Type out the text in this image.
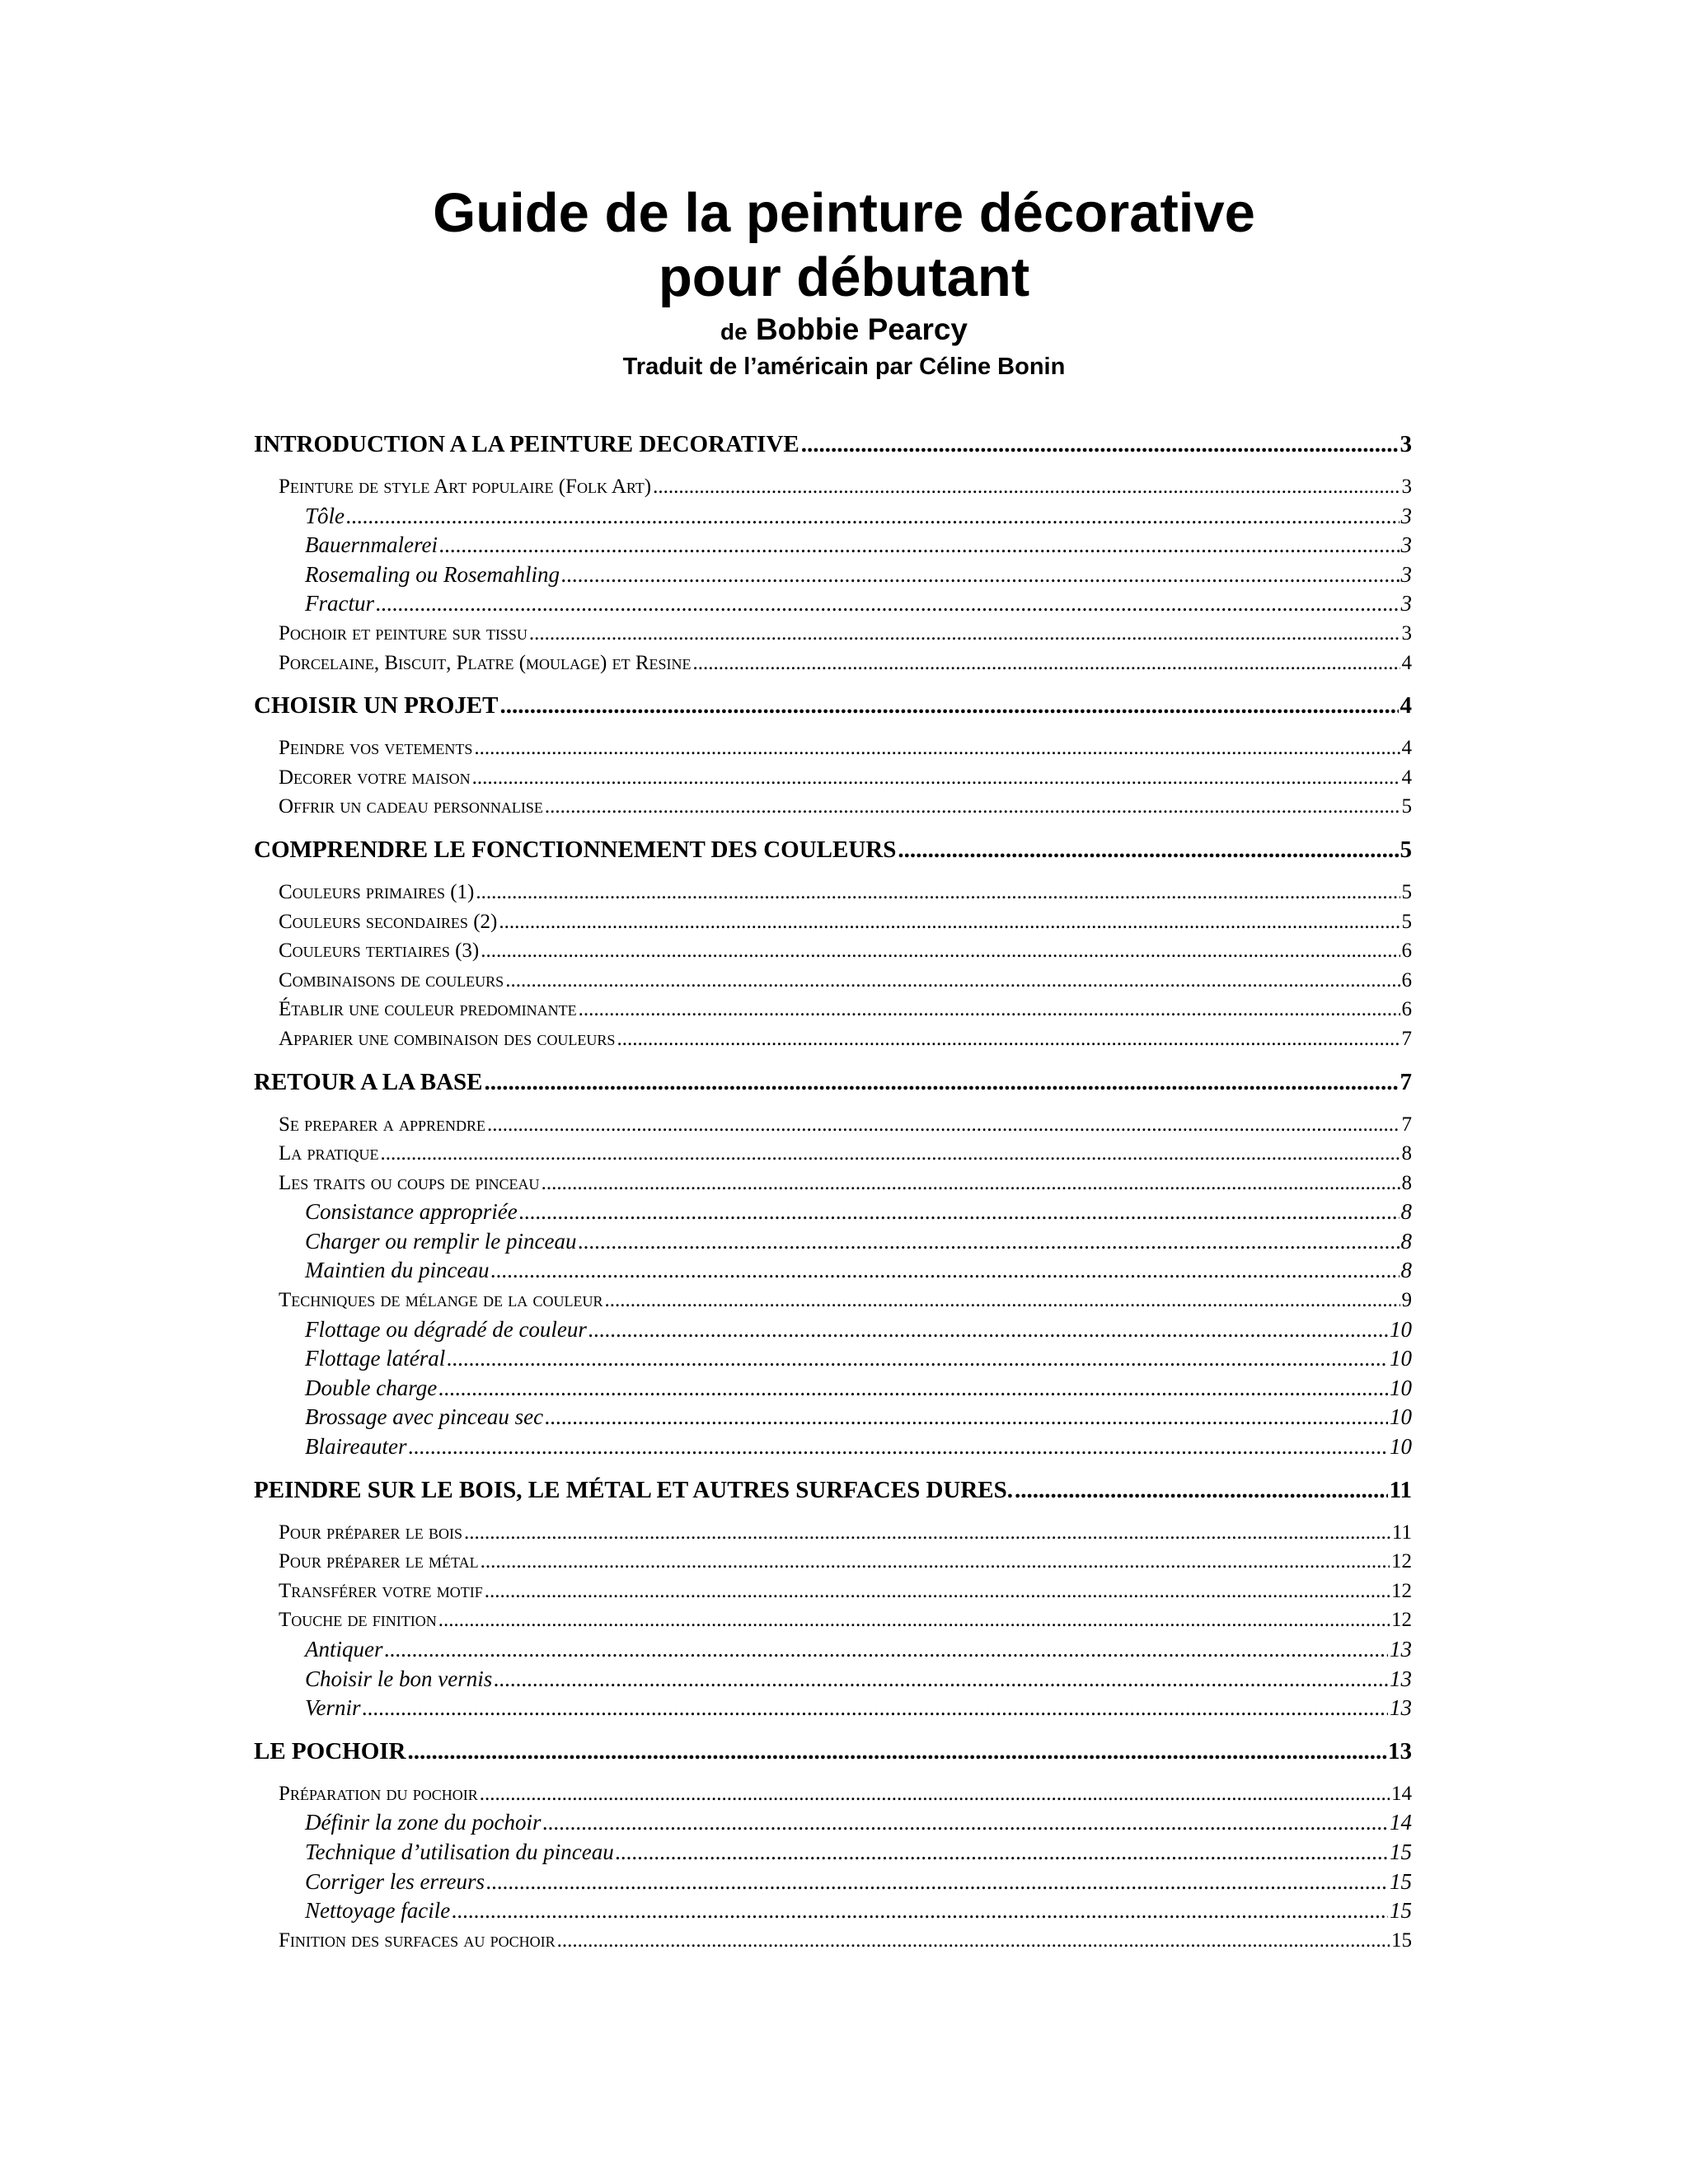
Guide de la peinture décorative
pour débutant
de Bobbie Pearcy
Traduit de l’américain par Céline Bonin
INTRODUCTION A LA PEINTURE DECORATIVE .....	3
Peinture de style Art populaire (Folk Art) .....	3
Tôle .....	3
Bauernmalerei .....	3
Rosemaling ou Rosemahling .....	3
Fractur .....	3
Pochoir et peinture sur tissu .....	3
Porcelaine, Biscuit, Platre (moulage) et Resine .....	4
CHOISIR UN PROJET .....	4
Peindre vos vetements .....	4
Decorer votre maison .....	4
Offrir un cadeau personnalise .....	5
COMPRENDRE LE FONCTIONNEMENT DES COULEURS .....	5
Couleurs primaires (1) .....	5
Couleurs secondaires (2) .....	5
Couleurs tertiaires (3) .....	6
Combinaisons de couleurs .....	6
Établir une couleur predominante .....	6
Apparier une combinaison des couleurs .....	7
RETOUR A LA BASE .....	7
Se preparer a apprendre .....	7
La pratique .....	8
Les traits ou coups de pinceau .....	8
Consistance appropriée .....	8
Charger ou remplir le pinceau .....	8
Maintien du pinceau .....	8
Techniques de mélange de la couleur .....	9
Flottage ou dégradé de couleur .....	10
Flottage latéral .....	10
Double charge .....	10
Brossage avec pinceau sec .....	10
Blaireauter .....	10
PEINDRE SUR LE BOIS, LE MÉTAL ET AUTRES SURFACES DURES. .....	11
Pour préparer le bois .....	11
Pour préparer le métal .....	12
Transférer votre motif .....	12
Touche de finition .....	12
Antiquer .....	13
Choisir le bon vernis .....	13
Vernir .....	13
LE POCHOIR .....	13
Préparation du pochoir .....	14
Définir la zone du pochoir .....	14
Technique d’utilisation du pinceau .....	15
Corriger les erreurs .....	15
Nettoyage facile .....	15
Finition des surfaces au pochoir .....	15
